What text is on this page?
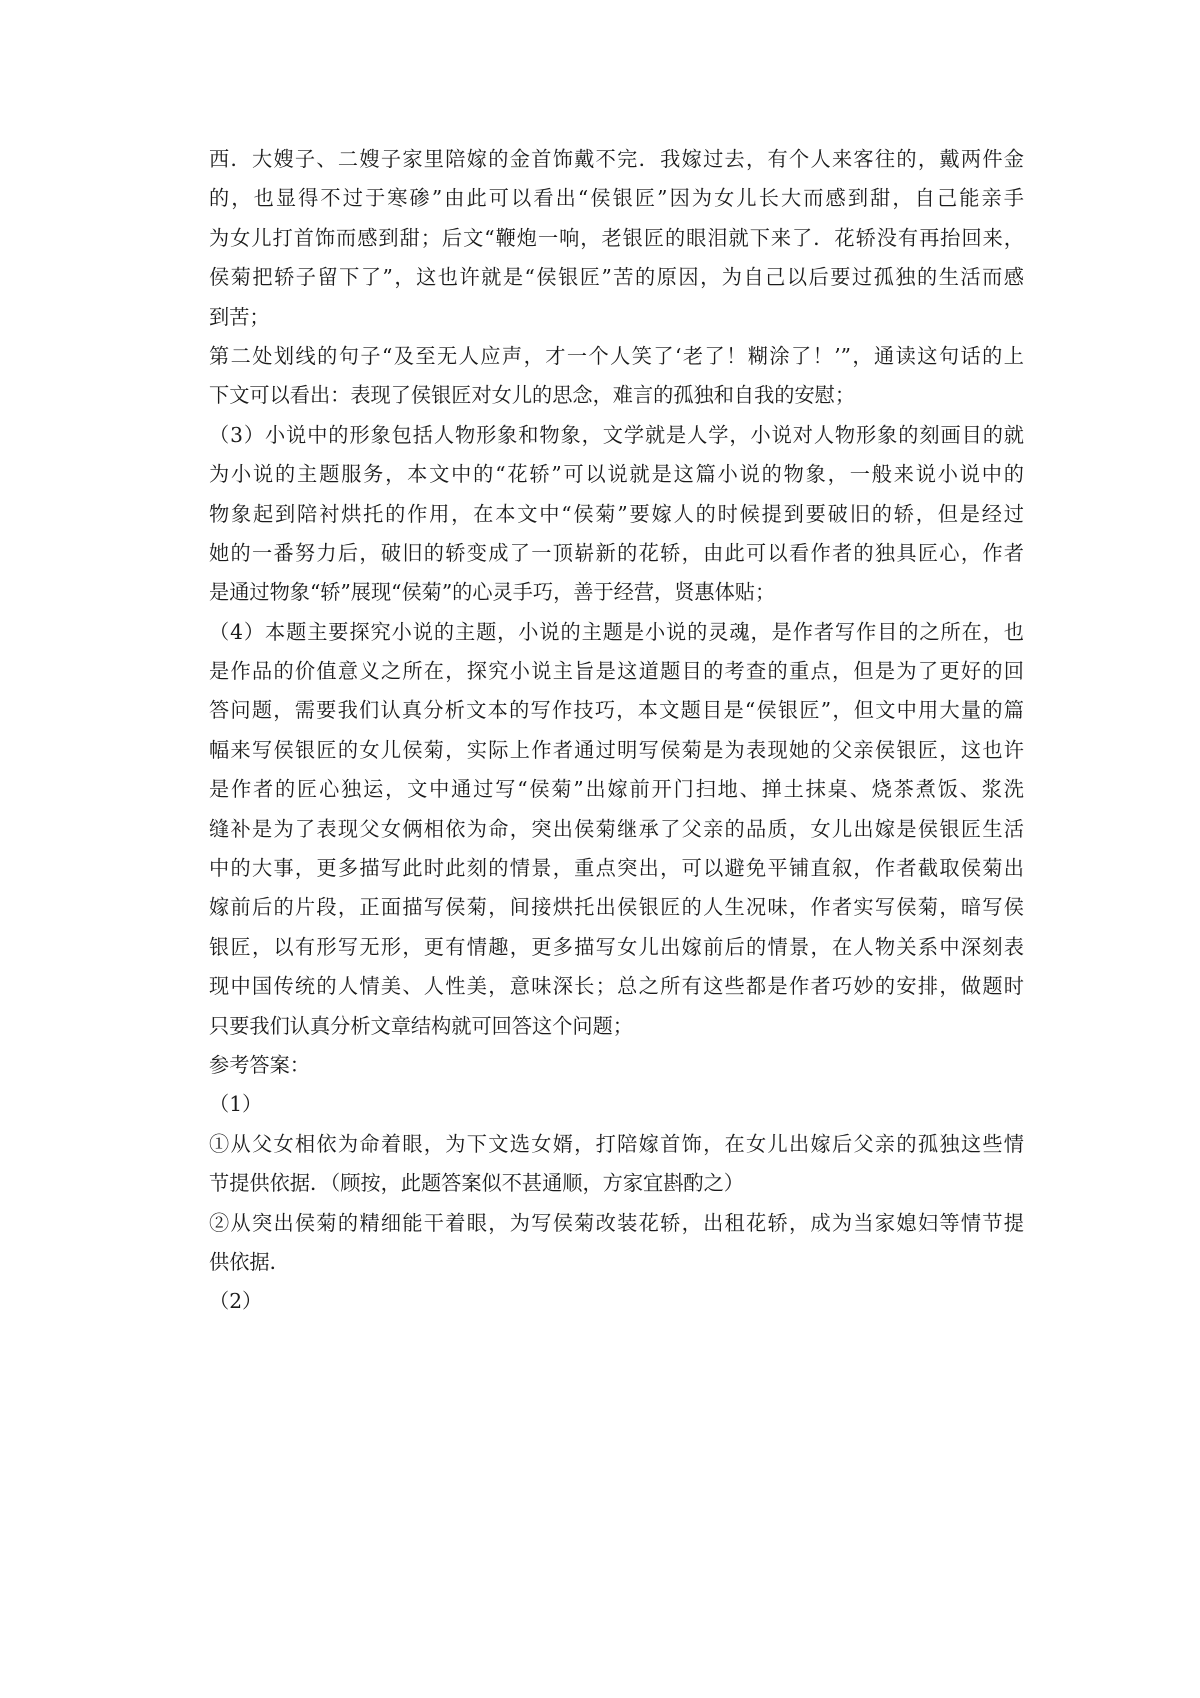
西．大嫂子、二嫂子家里陪嫁的金首饰戴不完．我嫁过去，有个人来客往的，戴两件金
的，也显得不过于寒碜”由此可以看出“侯银匠”因为女儿长大而感到甜，自己能亲手
为女儿打首饰而感到甜；后文“鞭炮一响，老银匠的眼泪就下来了．花轿没有再抬回来，
侯菊把轿子留下了”，这也许就是“侯银匠”苦的原因，为自己以后要过孤独的生活而感
到苦；
第二处划线的句子“及至无人应声，才一个人笑了‘老了！糊涂了！’”，通读这句话的上
下文可以看出：表现了侯银匠对女儿的思念，难言的孤独和自我的安慰；
（3）小说中的形象包括人物形象和物象，文学就是人学，小说对人物形象的刻画目的就
为小说的主题服务，本文中的“花轿”可以说就是这篇小说的物象，一般来说小说中的
物象起到陪衬烘托的作用，在本文中“侯菊”要嫁人的时候提到要破旧的轿，但是经过
她的一番努力后，破旧的轿变成了一顶崭新的花轿，由此可以看作者的独具匠心，作者
是通过物象“轿”展现“侯菊”的心灵手巧，善于经营，贤惠体贴；
（4）本题主要探究小说的主题，小说的主题是小说的灵魂，是作者写作目的之所在，也
是作品的价值意义之所在，探究小说主旨是这道题目的考查的重点，但是为了更好的回
答问题，需要我们认真分析文本的写作技巧，本文题目是“侯银匠”，但文中用大量的篇
幅来写侯银匠的女儿侯菊，实际上作者通过明写侯菊是为表现她的父亲侯银匠，这也许
是作者的匠心独运，文中通过写“侯菊”出嫁前开门扫地、掸土抹桌、烧茶煮饭、浆洗
缝补是为了表现父女俩相依为命，突出侯菊继承了父亲的品质，女儿出嫁是侯银匠生活
中的大事，更多描写此时此刻的情景，重点突出，可以避免平铺直叙，作者截取侯菊出
嫁前后的片段，正面描写侯菊，间接烘托出侯银匠的人生况味，作者实写侯菊，暗写侯
银匠，以有形写无形，更有情趣，更多描写女儿出嫁前后的情景，在人物关系中深刻表
现中国传统的人情美、人性美，意味深长；总之所有这些都是作者巧妙的安排，做题时
只要我们认真分析文章结构就可回答这个问题；
参考答案：
（1）
①从父女相依为命着眼，为下文选女婿，打陪嫁首饰，在女儿出嫁后父亲的孤独这些情
节提供依据．（顾按，此题答案似不甚通顺，方家宜斟酌之）
②从突出侯菊的精细能干着眼，为写侯菊改装花轿，出租花轿，成为当家媳妇等情节提
供依据．
（2）
